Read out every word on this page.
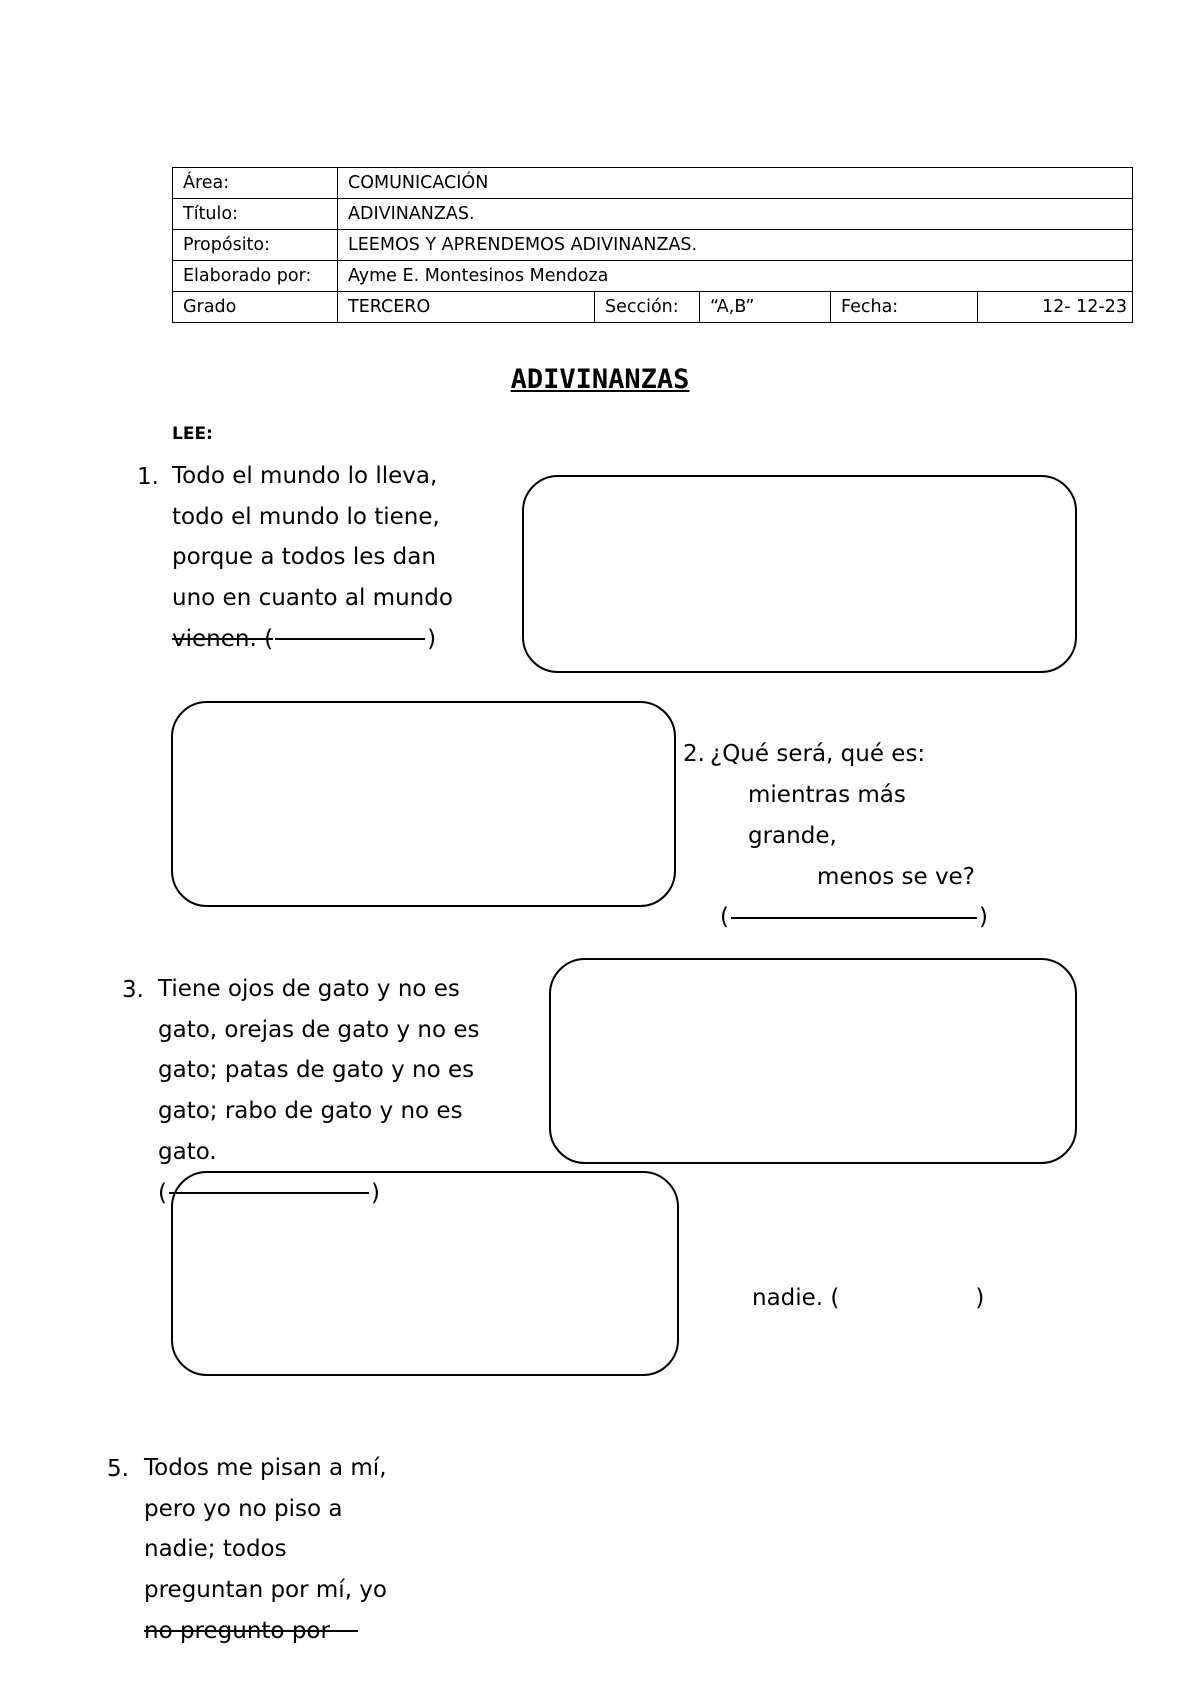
Área:	COMUNICACIÓN				
Título:	ADIVINANZAS.				
Propósito:	LEEMOS Y APRENDEMOS ADIVINANZAS.				
Elaborado por:	Ayme E. Montesinos Mendoza				
Grado	TERCERO	Sección:	“A,B”	Fecha:	12- 12-23
ADIVINANZAS
LEE:
1. Todo el mundo lo lleva,
todo el mundo lo tiene,
porque a todos les dan
uno en cuanto al mundo
vienen. (	)
2. ¿Qué será, qué es:
mientras más
grande,
menos se ve?
(	)
3. Tiene ojos de gato y no es
gato, orejas de gato y no es
gato; patas de gato y no es
gato; rabo de gato y no es
gato.
(	)
nadie. (	)
5. Todos me pisan a mí,
pero yo no piso a
nadie; todos
preguntan por mí, yo
no pregunto por
